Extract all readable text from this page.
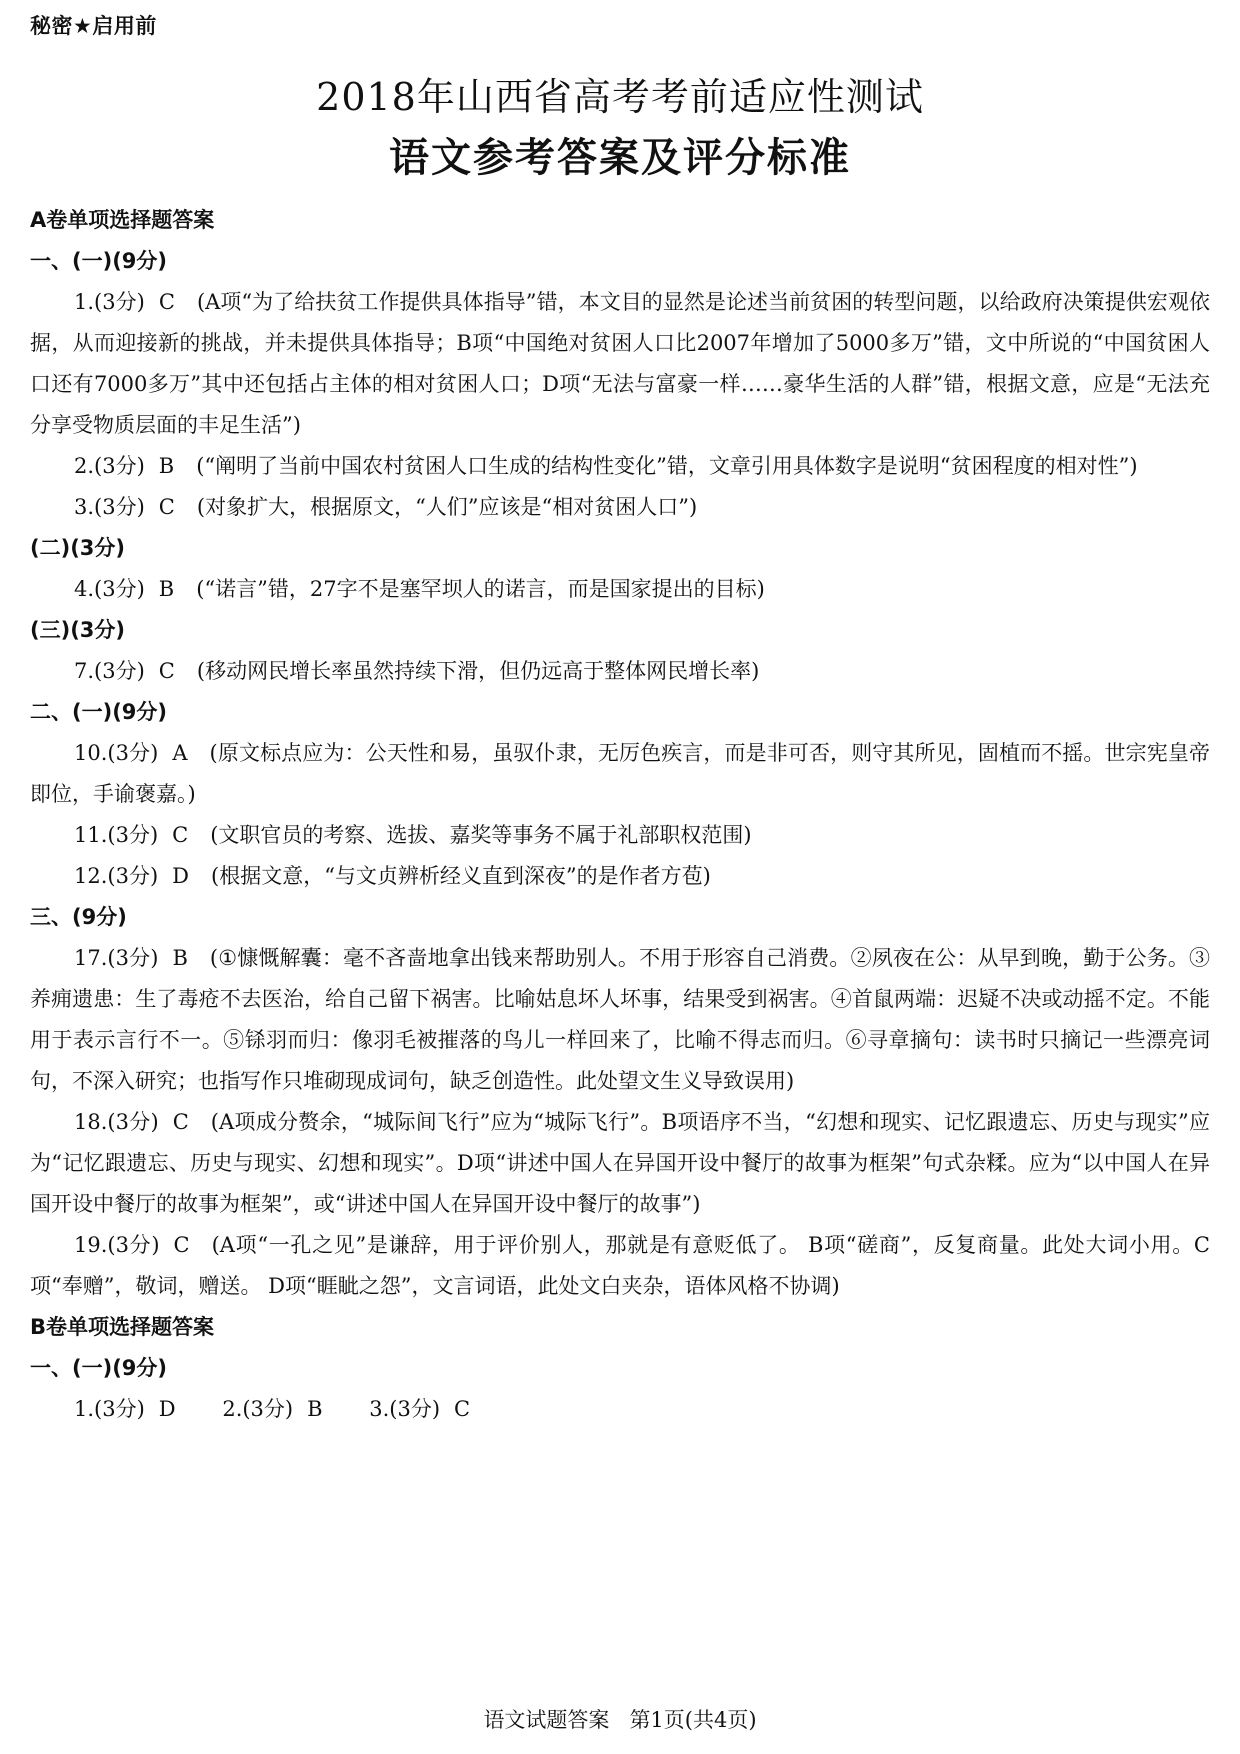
秘密★启用前
2018年山西省高考考前适应性测试
语文参考答案及评分标准
A卷单项选择题答案
一、(一)(9分)
1.(3分) C (A项“为了给扶贫工作提供具体指导”错，本文目的显然是论述当前贫困的转型问题，以给政府决策提供宏观依据，从而迎接新的挑战，并未提供具体指导；B项“中国绝对贫困人口比2007年增加了5000多万”错，文中所说的“中国贫困人口还有7000多万”其中还包括占主体的相对贫困人口；D项“无法与富豪一样……豪华生活的人群”错，根据文意，应是“无法充分享受物质层面的丰足生活”)
2.(3分) B (“阐明了当前中国农村贫困人口生成的结构性变化”错，文章引用具体数字是说明“贫困程度的相对性”)
3.(3分) C (对象扩大，根据原文，“人们”应该是“相对贫困人口”)
(二)(3分)
4.(3分) B (“诺言”错，27字不是塞罕坝人的诺言，而是国家提出的目标)
(三)(3分)
7.(3分) C (移动网民增长率虽然持续下滑，但仍远高于整体网民增长率)
二、(一)(9分)
10.(3分) A (原文标点应为：公天性和易，虽驭仆隶，无厉色疾言，而是非可否，则守其所见，固植而不摇。世宗宪皇帝即位，手谕褒嘉。)
11.(3分) C (文职官员的考察、选拔、嘉奖等事务不属于礼部职权范围)
12.(3分) D (根据文意，“与文贞辨析经义直到深夜”的是作者方苞)
三、(9分)
17.(3分) B (①慷慨解囊：毫不吝啬地拿出钱来帮助别人。不用于形容自己消费。②夙夜在公：从早到晚，勤于公务。③养痈遗患：生了毒疮不去医治，给自己留下祸害。比喻姑息坏人坏事，结果受到祸害。④首鼠两端：迟疑不决或动摇不定。不能用于表示言行不一。⑤铩羽而归：像羽毛被摧落的鸟儿一样回来了，比喻不得志而归。⑥寻章摘句：读书时只摘记一些漂亮词句，不深入研究；也指写作只堆砌现成词句，缺乏创造性。此处望文生义导致误用)
18.(3分) C (A项成分赘余，“城际间飞行”应为“城际飞行”。B项语序不当，“幻想和现实、记忆跟遗忘、历史与现实”应为“记忆跟遗忘、历史与现实、幻想和现实”。D项“讲述中国人在异国开设中餐厅的故事为框架”句式杂糅。应为“以中国人在异国开设中餐厅的故事为框架”，或“讲述中国人在异国开设中餐厅的故事”)
19.(3分) C (A项“一孔之见”是谦辞，用于评价别人，那就是有意贬低了。 B项“磋商”，反复商量。此处大词小用。C项“奉赠”，敬词，赠送。 D项“睚眦之怨”，文言词语，此处文白夹杂，语体风格不协调)
B卷单项选择题答案
一、(一)(9分)
1.(3分) D 2.(3分) B 3.(3分) C
语文试题答案 第1页(共4页)
